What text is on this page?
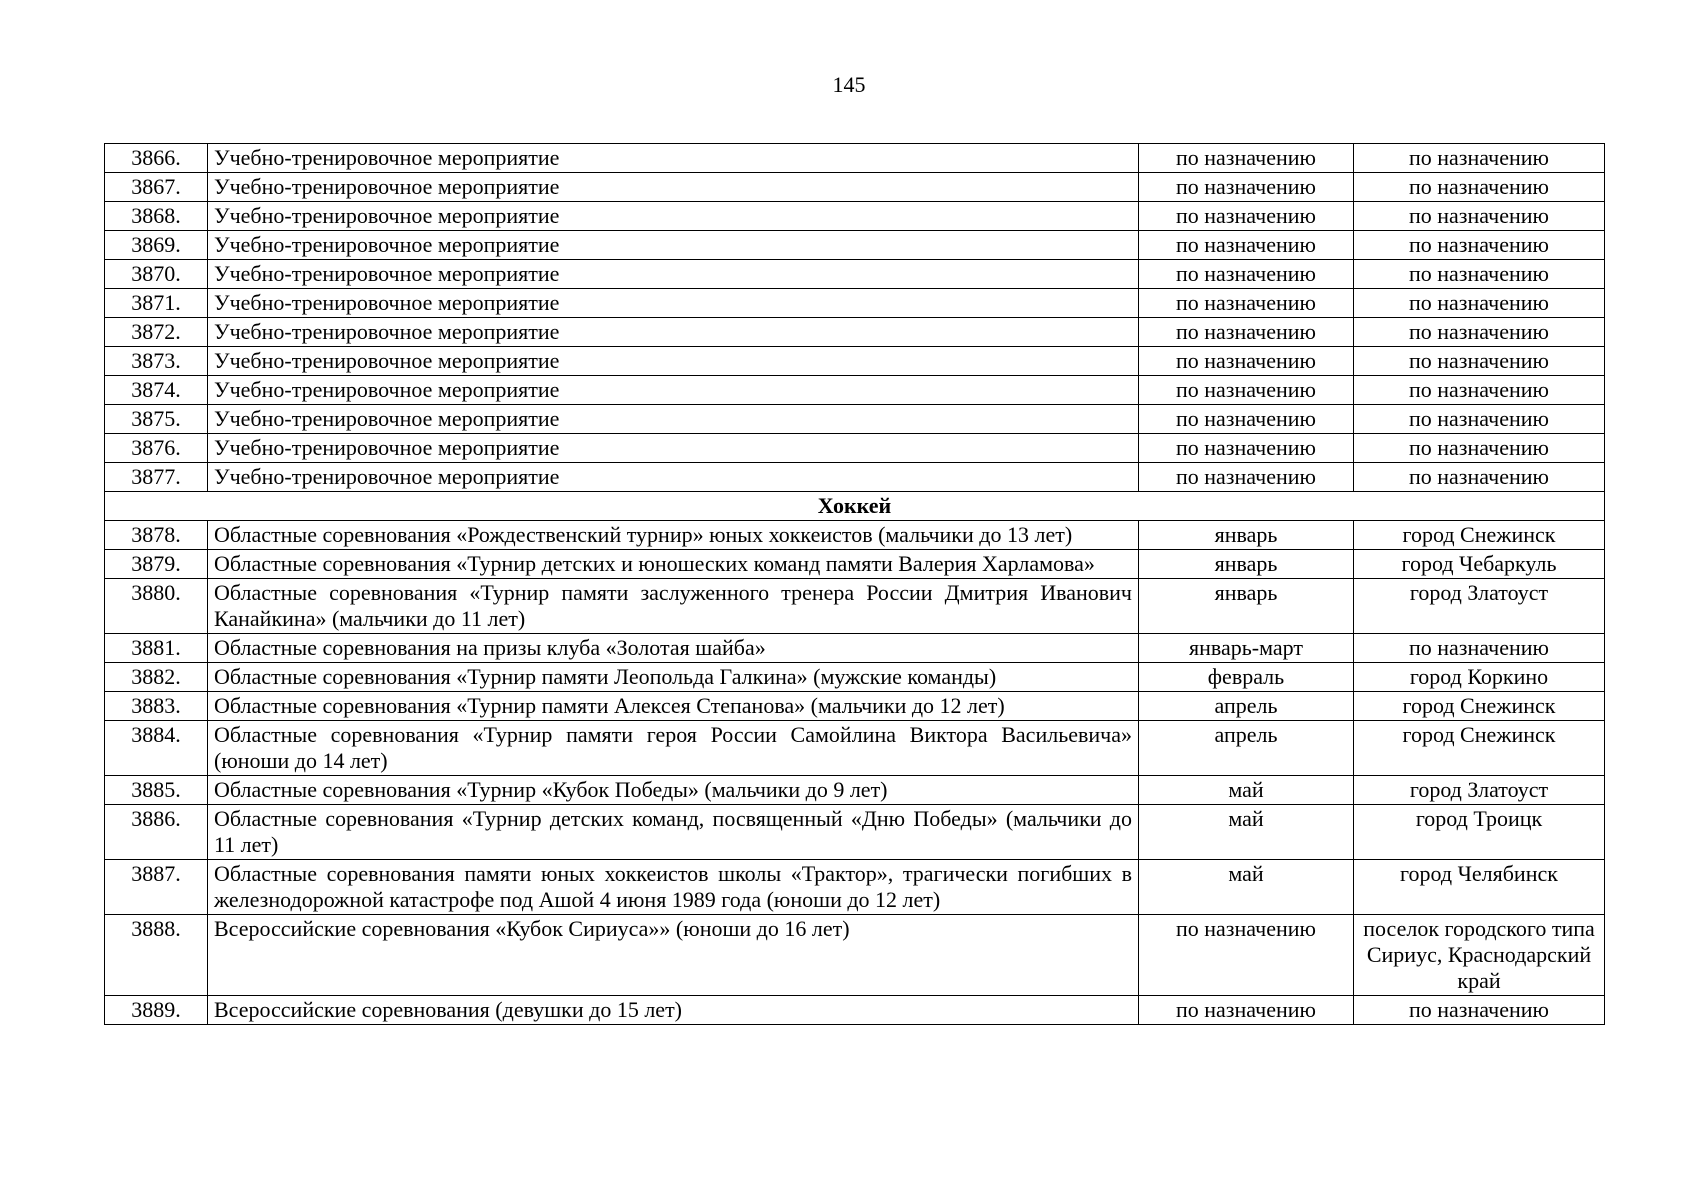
145
3866.	Учебно-тренировочное мероприятие	по назначению	по назначению
3867.	Учебно-тренировочное мероприятие	по назначению	по назначению
3868.	Учебно-тренировочное мероприятие	по назначению	по назначению
3869.	Учебно-тренировочное мероприятие	по назначению	по назначению
3870.	Учебно-тренировочное мероприятие	по назначению	по назначению
3871.	Учебно-тренировочное мероприятие	по назначению	по назначению
3872.	Учебно-тренировочное мероприятие	по назначению	по назначению
3873.	Учебно-тренировочное мероприятие	по назначению	по назначению
3874.	Учебно-тренировочное мероприятие	по назначению	по назначению
3875.	Учебно-тренировочное мероприятие	по назначению	по назначению
3876.	Учебно-тренировочное мероприятие	по назначению	по назначению
3877.	Учебно-тренировочное мероприятие	по назначению	по назначению
Хоккей			
3878.	Областные соревнования «Рождественский турнир» юных хоккеистов (мальчики до 13 лет)	январь	город Снежинск
3879.	Областные соревнования «Турнир детских и юношеских команд памяти Валерия Харламова»	январь	город Чебаркуль
3880.	Областные соревнования «Турнир памяти заслуженного тренера России Дмитрия Иванович Канайкина» (мальчики до 11 лет)	январь	город Златоуст
3881.	Областные соревнования на призы клуба «Золотая шайба»	январь-март	по назначению
3882.	Областные соревнования «Турнир памяти Леопольда Галкина» (мужские команды)	февраль	город Коркино
3883.	Областные соревнования «Турнир памяти Алексея Степанова» (мальчики до 12 лет)	апрель	город Снежинск
3884.	Областные соревнования «Турнир памяти героя России Самойлина Виктора Васильевича» (юноши до 14 лет)	апрель	город Снежинск
3885.	Областные соревнования «Турнир «Кубок Победы» (мальчики до 9 лет)	май	город Златоуст
3886.	Областные соревнования «Турнир детских команд, посвященный «Дню Победы» (мальчики до 11 лет)	май	город Троицк
3887.	Областные соревнования памяти юных хоккеистов школы «Трактор», трагически погибших в железнодорожной катастрофе под Ашой 4 июня 1989 года (юноши до 12 лет)	май	город Челябинск
3888.	Всероссийские соревнования «Кубок Сириуса»» (юноши до 16 лет)	по назначению	поселок городского типа Сириус, Краснодарский край
3889.	Всероссийские соревнования (девушки до 15 лет)	по назначению	по назначению
